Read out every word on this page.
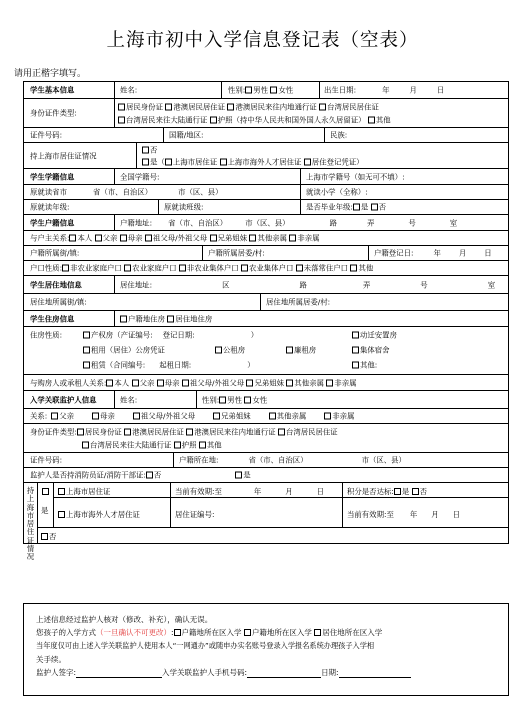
上海市初中入学信息登记表（空表）
请用正楷字填写。
学生基本信息	姓名:	性别: 男性 女性	出生日期:	年	月	日
身份证件类型:
居民身份证 港澳居民居住证 港澳居民来往内地通行证 台湾居民居住证
台湾居民来往大陆通行证 护照（持中华人民共和国外国人永久居留证） 其他
证件号码:	国籍/地区:	民族:
持上海市居住证情况
否
是（ 上海市居住证 上海市海外人才居住证 居住登记凭证）
学生学籍信息	全国学籍号:	上海市学籍号（如无可不填）:
原就读省市	省（市、自治区）	市（区、县）	就读小学（全称）:
原就读年级:	原就读班级:	是否毕业年级: 是 否
学生户籍信息	户籍地址: 省（市、自治区） 市（区、县）	路	弄	号	室
与户主关系: 本人 父亲 母亲 祖父母/外祖父母 兄弟姐妹 其他亲属 非亲属
户籍所属街/镇:	户籍所属居委/村:	户籍登记日:	年 月 日
户口性质: 非农业家庭户口 农业家庭户口 非农业集体户口 农业集体户口 未落常住户口 其他
学生居住地信息	居住地址:	区	路	弄	号	室
居住地所属街/镇:	居住地所属居委/村:
学生住房信息	户籍地住房 居住地住房
住房性质:	产权房（产证编号: 登记日期:	）	动迁安置房
租用（居住）公房凭证	公租房	廉租房	集体宿舍
租赁（合同编号: 起租日期:	）	其他:
与购房人或承租人关系: 本人 父亲 母亲 祖父母/外祖父母 兄弟姐妹 其他亲属 非亲属
入学关联监护人信息	姓名:	性别: 男性 女性
关系: 父亲	母亲	祖父母/外祖父母	兄弟姐妹	其他亲属	非亲属
身份证件类型: 居民身份证 港澳居民居住证 港澳居民来往内地通行证 台湾居民居住证
台湾居民来往大陆通行证 护照 其他
证件号码:	户籍所在地:	省（市、自治区）	市（区、县）
监护人是否持消防员证/消防干部证: 否	是
持上海市居住证情况
是
上海市居住证	当前有效期:至	年	月	日	积分是否达标: 是 否
上海市海外人才居住证	居住证编号:	当前有效期:至 年 月 日
否
上述信息经过监护人核对（修改、补充），确认无误。
您孩子的入学方式（一旦确认不可更改）: 户籍地所在区入学 户籍地所在区入学 居住地所在区入学
当年度仅可由上述入学关联监护人使用本人“一网通办”或随申办实名账号登录入学报名系统办理孩子入学相
关手续。
监护人签字:	入学关联监护人手机号码:	日期:
